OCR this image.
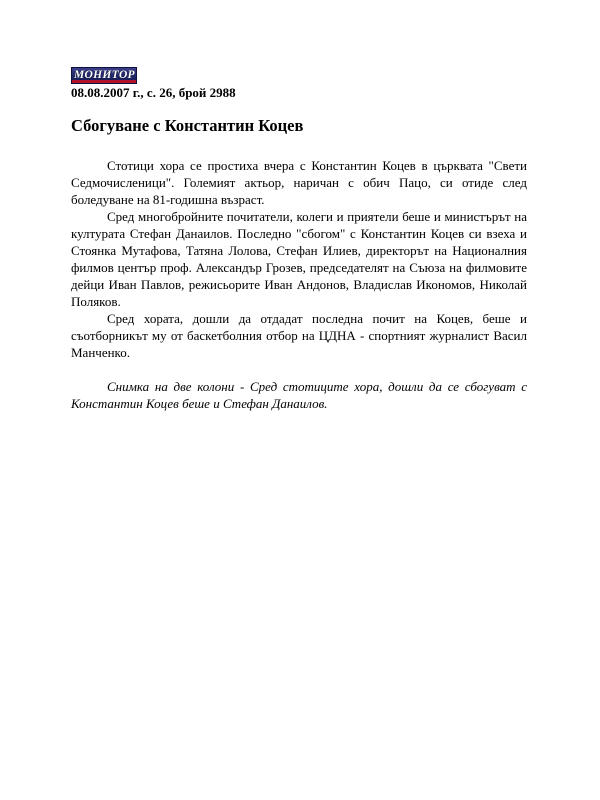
МОНИТОР
08.08.2007 г., с. 26, брой 2988
Сбогуване с Константин Коцев

Стотици хора се простиха вчера с Константин Коцев в църквата "Свети Седмочисленици". Големият актьор, наричан с обич Пацо, си отиде след боледуване на 81-годишна възраст.

Сред многобройните почитатели, колеги и приятели беше и министърът на културата Стефан Данаилов. Последно "сбогом" с Константин Коцев си взеха и Стоянка Мутафова, Татяна Лолова, Стефан Илиев, директорът на Националния филмов център проф. Александър Грозев, председателят на Съюза на филмовите дейци Иван Павлов, режисьорите Иван Андонов, Владислав Икономов, Николай Поляков.

Сред хората, дошли да отдадат последна почит на Коцев, беше и съотборникът му от баскетболния отбор на ЦДНА - спортният журналист Васил Манченко.

Снимка на две колони - Сред стотиците хора, дошли да се сбогуват с Константин Коцев беше и Стефан Данаилов.
